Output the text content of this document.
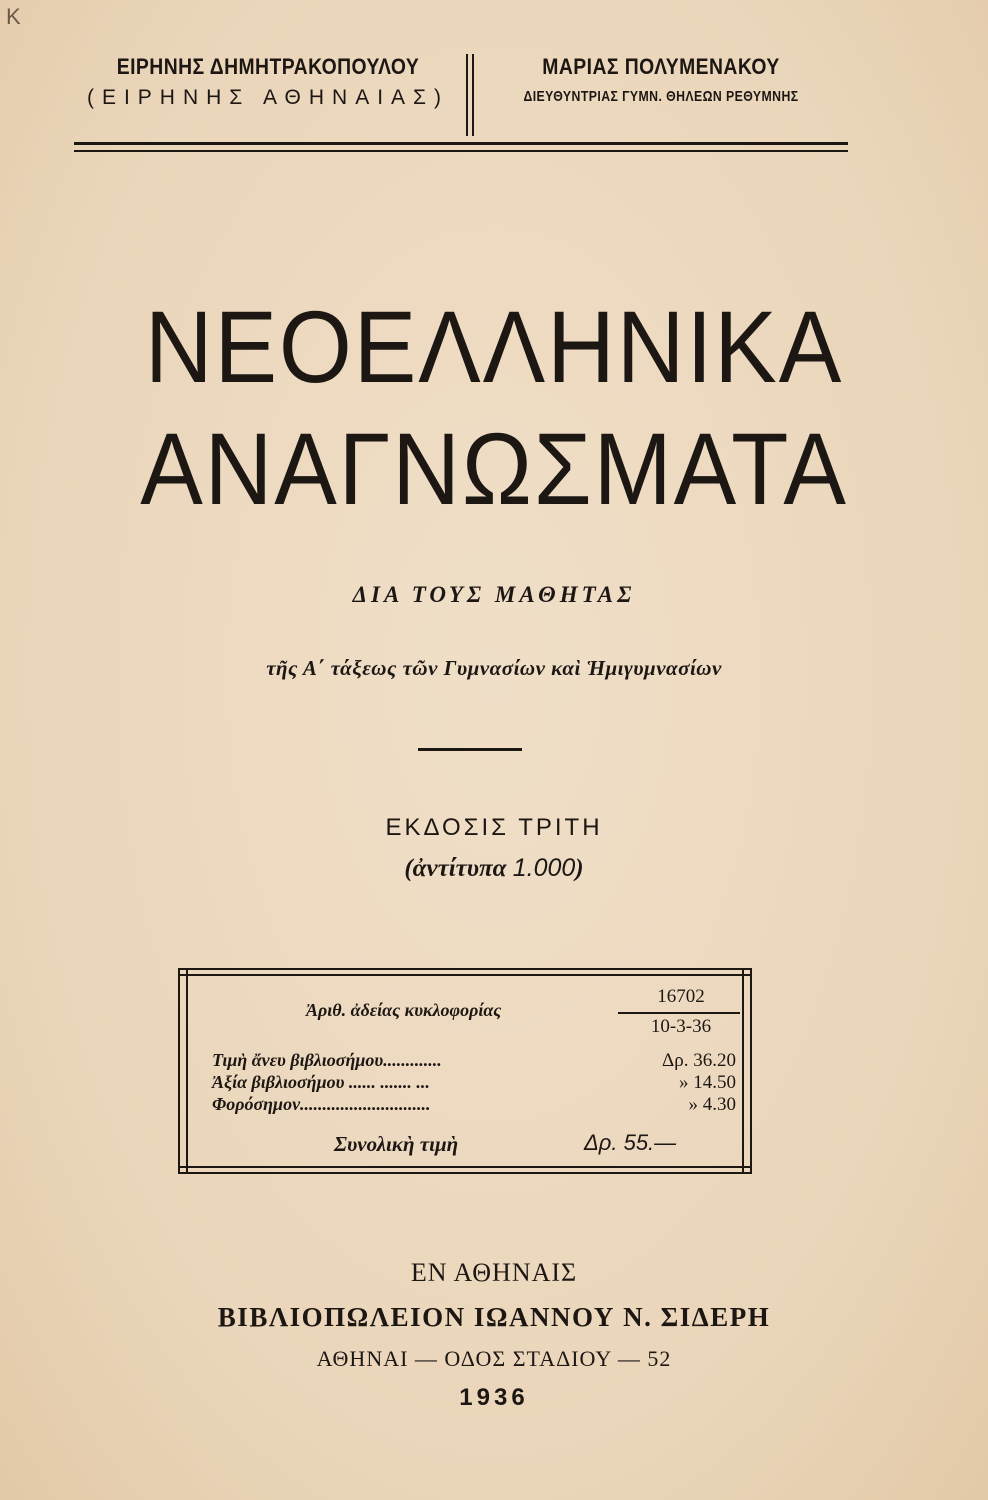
K
ΕΙΡΗΝΗΣ ΔΗΜΗΤΡΑΚΟΠΟΥΛΟΥ
(ΕΙΡΗΝΗΣ ΑΘΗΝΑΙΑΣ)
ΜΑΡΙΑΣ ΠΟΛΥΜΕΝΑΚΟΥ
ΔΙΕΥΘΥΝΤΡΙΑΣ ΓΥΜΝ. ΘΗΛΕΩΝ ΡΕΘΥΜΝΗΣ
ΝΕΟΕΛΛΗΝΙΚΑ
ΑΝΑΓΝΩΣΜΑΤΑ
ΔΙΑ ΤΟΥΣ ΜΑΘΗΤΑΣ
τῆς Α΄ τάξεως τῶν Γυμνασίων καὶ Ἡμιγυμνασίων
ΕΚΔΟΣΙΣ ΤΡΙΤΗ
(ἀντίτυπα 1.000)
Ἀριθ. ἀδείας κυκλοφορίας
16702
10-3-36
Τιμὴ ἄνευ βιβλιοσήμου.............	Δρ. 36.20
Ἀξία βιβλιοσήμου ...... ....... ...	» 14.50
Φορόσημον.............................	» 4.30
Συνολικὴ τιμὴ	Δρ. 55.—
ΕΝ ΑΘΗΝΑΙΣ
ΒΙΒΛΙΟΠΩΛΕΙΟΝ ΙΩΑΝΝΟΥ Ν. ΣΙΔΕΡΗ
ΑΘΗΝΑΙ — ΟΔΟΣ ΣΤΑΔΙΟΥ — 52
1936
